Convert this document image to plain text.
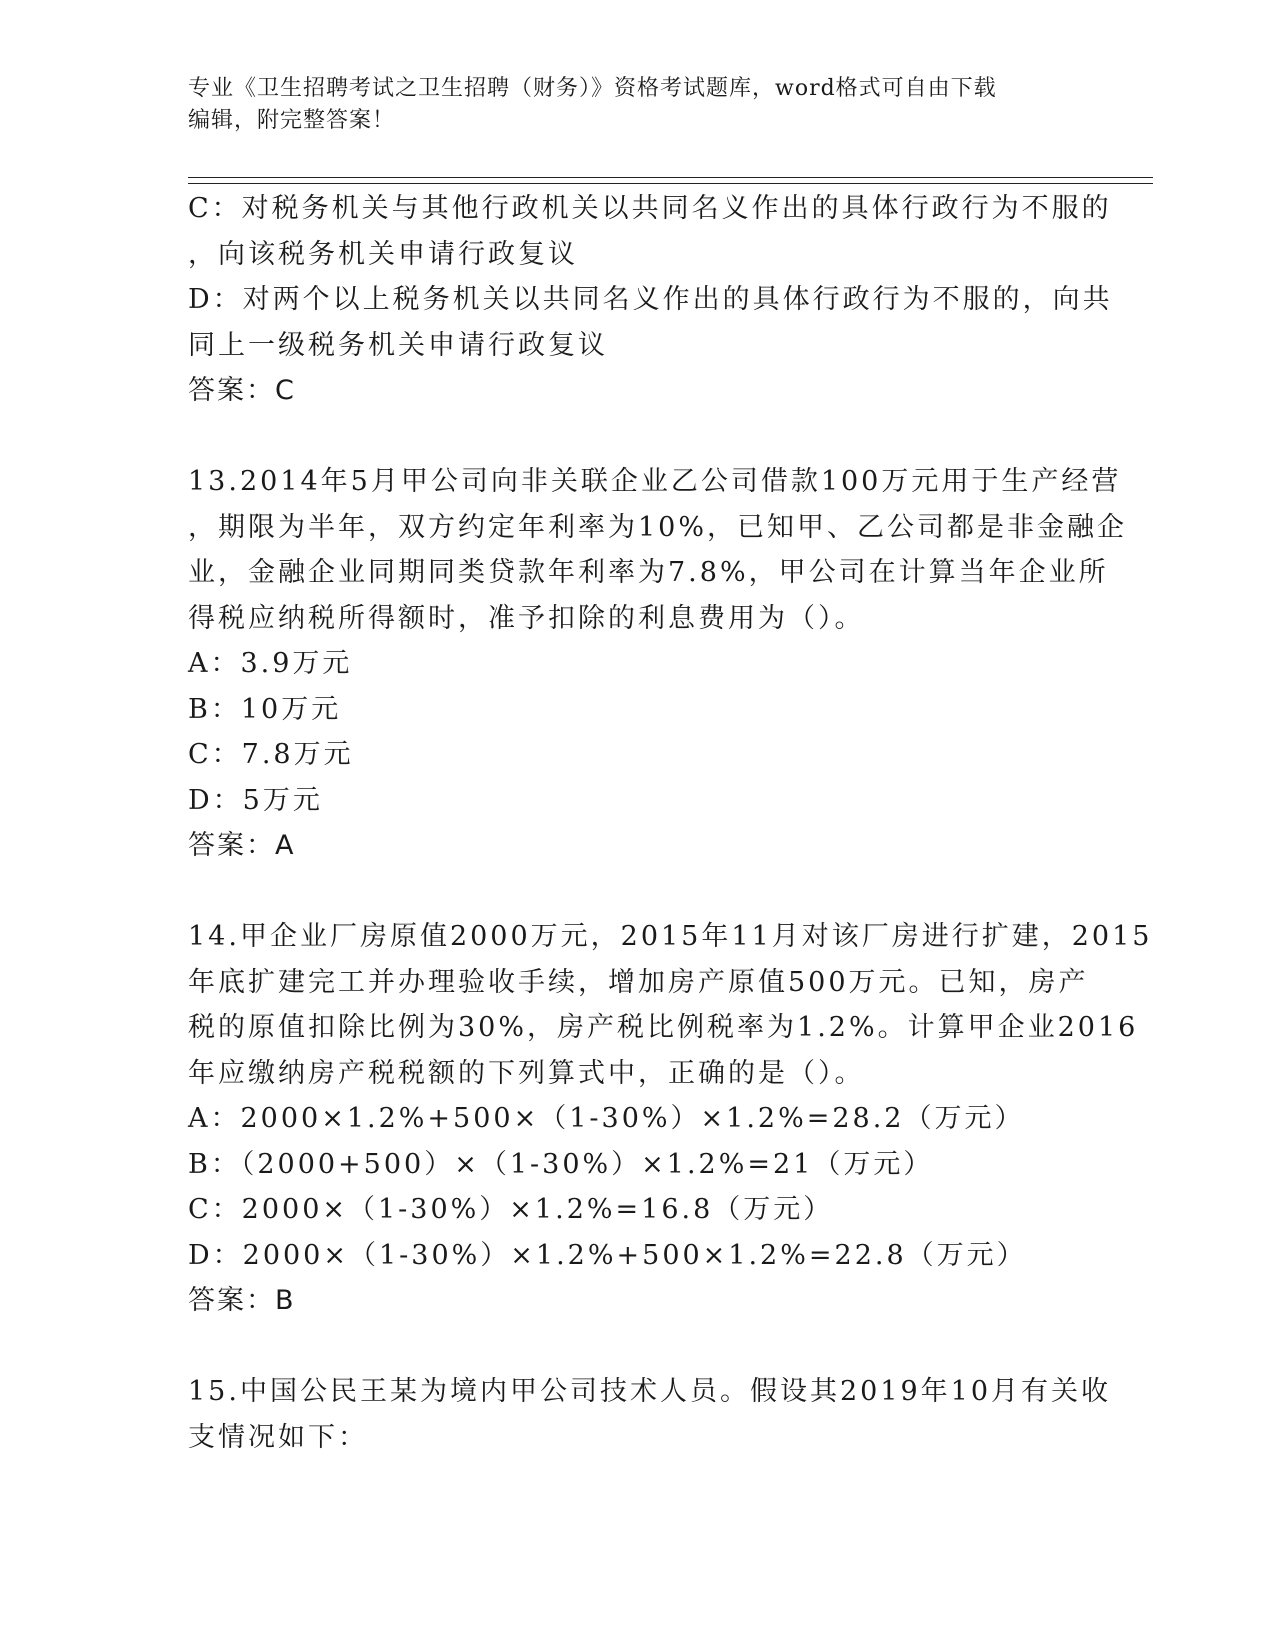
专业《卫生招聘考试之卫生招聘（财务）》资格考试题库，word格式可自由下载
编辑，附完整答案！
C：对税务机关与其他行政机关以共同名义作出的具体行政行为不服的
，向该税务机关申请行政复议
D：对两个以上税务机关以共同名义作出的具体行政行为不服的，向共
同上一级税务机关申请行政复议
答案：C
13.2014年5月甲公司向非关联企业乙公司借款100万元用于生产经营
，期限为半年，双方约定年利率为10%，已知甲、乙公司都是非金融企
业，金融企业同期同类贷款年利率为7.8%，甲公司在计算当年企业所
得税应纳税所得额时，准予扣除的利息费用为（）。
A：3.9万元
B：10万元
C：7.8万元
D：5万元
答案：A
14.甲企业厂房原值2000万元，2015年11月对该厂房进行扩建，2015
年底扩建完工并办理验收手续，增加房产原值500万元。已知，房产
税的原值扣除比例为30%，房产税比例税率为1.2%。计算甲企业2016
年应缴纳房产税税额的下列算式中，正确的是（）。
A：2000×1.2%+500×（1-30%）×1.2%=28.2（万元）
B：（2000+500）×（1-30%）×1.2%=21（万元）
C：2000×（1-30%）×1.2%=16.8（万元）
D：2000×（1-30%）×1.2%+500×1.2%=22.8（万元）
答案：B
15.中国公民王某为境内甲公司技术人员。假设其2019年10月有关收
支情况如下：
